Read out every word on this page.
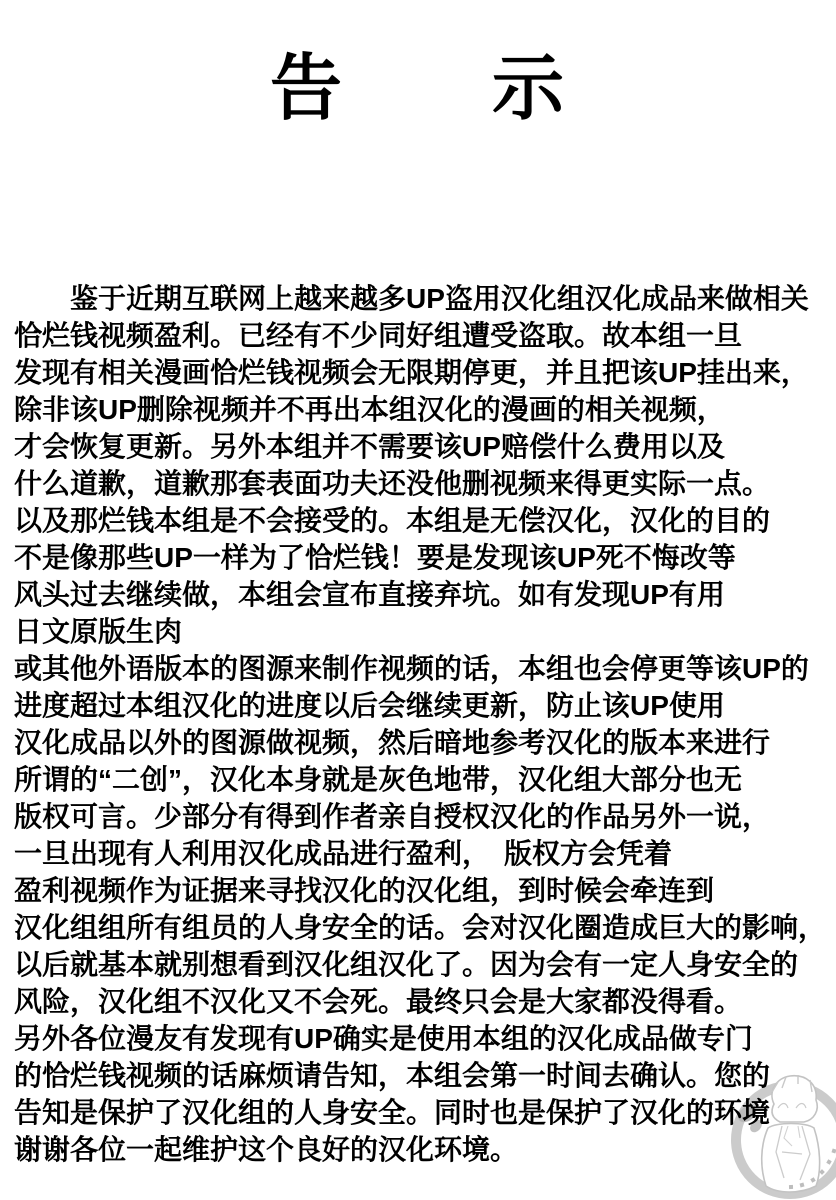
告　　示
　　鉴于近期互联网上越来越多UP盗用汉化组汉化成品来做相关
恰烂钱视频盈利。已经有不少同好组遭受盗取。故本组一旦
发现有相关漫画恰烂钱视频会无限期停更，并且把该UP挂出来，
除非该UP删除视频并不再出本组汉化的漫画的相关视频，
才会恢复更新。另外本组并不需要该UP赔偿什么费用以及
什么道歉，道歉那套表面功夫还没他删视频来得更实际一点。
以及那烂钱本组是不会接受的。本组是无偿汉化，汉化的目的
不是像那些UP一样为了恰烂钱！要是发现该UP死不悔改等
风头过去继续做，本组会宣布直接弃坑。如有发现UP有用
日文原版生肉
或其他外语版本的图源来制作视频的话，本组也会停更等该UP的
进度超过本组汉化的进度以后会继续更新，防止该UP使用
汉化成品以外的图源做视频，然后暗地参考汉化的版本来进行
所谓的“二创”，汉化本身就是灰色地带，汉化组大部分也无
版权可言。少部分有得到作者亲自授权汉化的作品另外一说，
一旦出现有人利用汉化成品进行盈利，　版权方会凭着
盈利视频作为证据来寻找汉化的汉化组，到时候会牵连到
汉化组组所有组员的人身安全的话。会对汉化圈造成巨大的影响，
以后就基本就别想看到汉化组汉化了。因为会有一定人身安全的
风险，汉化组不汉化又不会死。最终只会是大家都没得看。
另外各位漫友有发现有UP确实是使用本组的汉化成品做专门
的恰烂钱视频的话麻烦请告知，本组会第一时间去确认。您的
告知是保护了汉化组的人身安全。同时也是保护了汉化的环境
谢谢各位一起维护这个良好的汉化环境。
